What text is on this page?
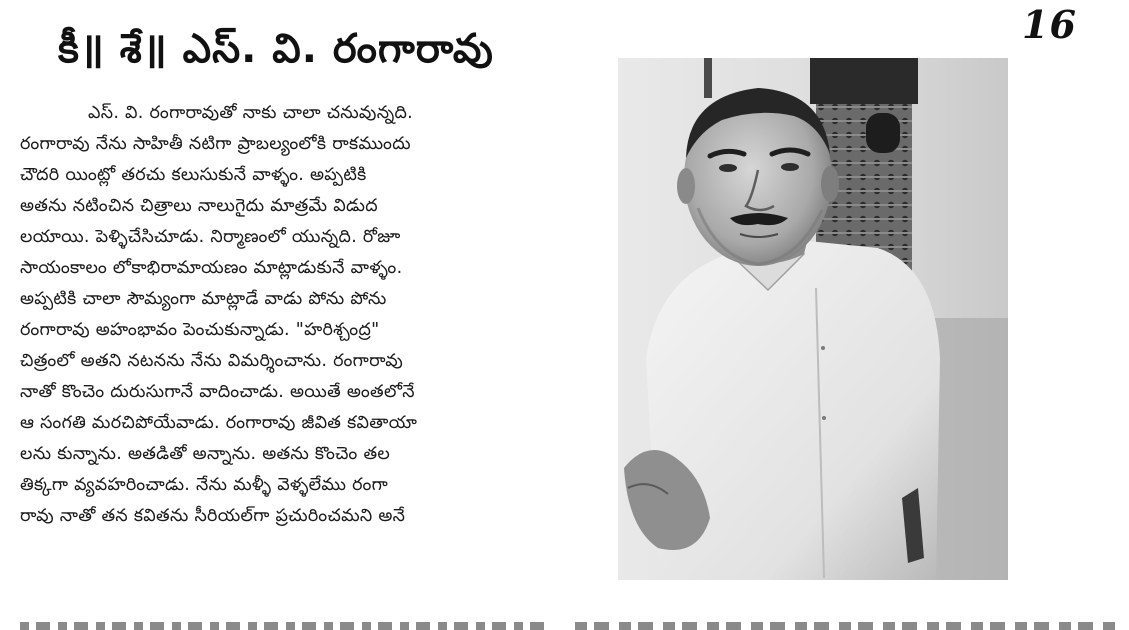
16
కీ॥ శే॥ ఎస్. వి. రంగారావు
ఎస్. వి. రంగారావుతో నాకు చాలా చనువున్నది.
రంగారావు నేను సాహితీ నటిగా ప్రాబల్యంలోకి రాకముందు
చౌదరి యింట్లో తరచు కలుసుకునే వాళ్ళం. అప్పటికి
అతను నటించిన చిత్రాలు నాలుగైదు మాత్రమే విడుద
లయాయి. పెళ్ళిచేసిచూడు. నిర్మాణంలో యున్నది. రోజూ
సాయంకాలం లోకాభిరామాయణం మాట్లాడుకునే వాళ్ళం.
అప్పటికి చాలా సౌమ్యంగా మాట్లాడే వాడు పోను పోను
రంగారావు అహంభావం పెంచుకున్నాడు. "హరిశ్చంద్ర"
చిత్రంలో అతని నటనను నేను విమర్శించాను. రంగారావు
నాతో కొంచెం దురుసుగానే వాదించాడు. అయితే అంతలోనే
ఆ సంగతి మరచిపోయేవాడు. రంగారావు జీవిత కవితాయా
లను కున్నాను. అతడితో అన్నాను. అతను కొంచెం తల
తిక్కగా వ్యవహరించాడు. నేను మళ్ళీ వెళ్ళలేము రంగా
రావు నాతో తన కవితను సీరియల్‌గా ప్రచురించమని అనే
